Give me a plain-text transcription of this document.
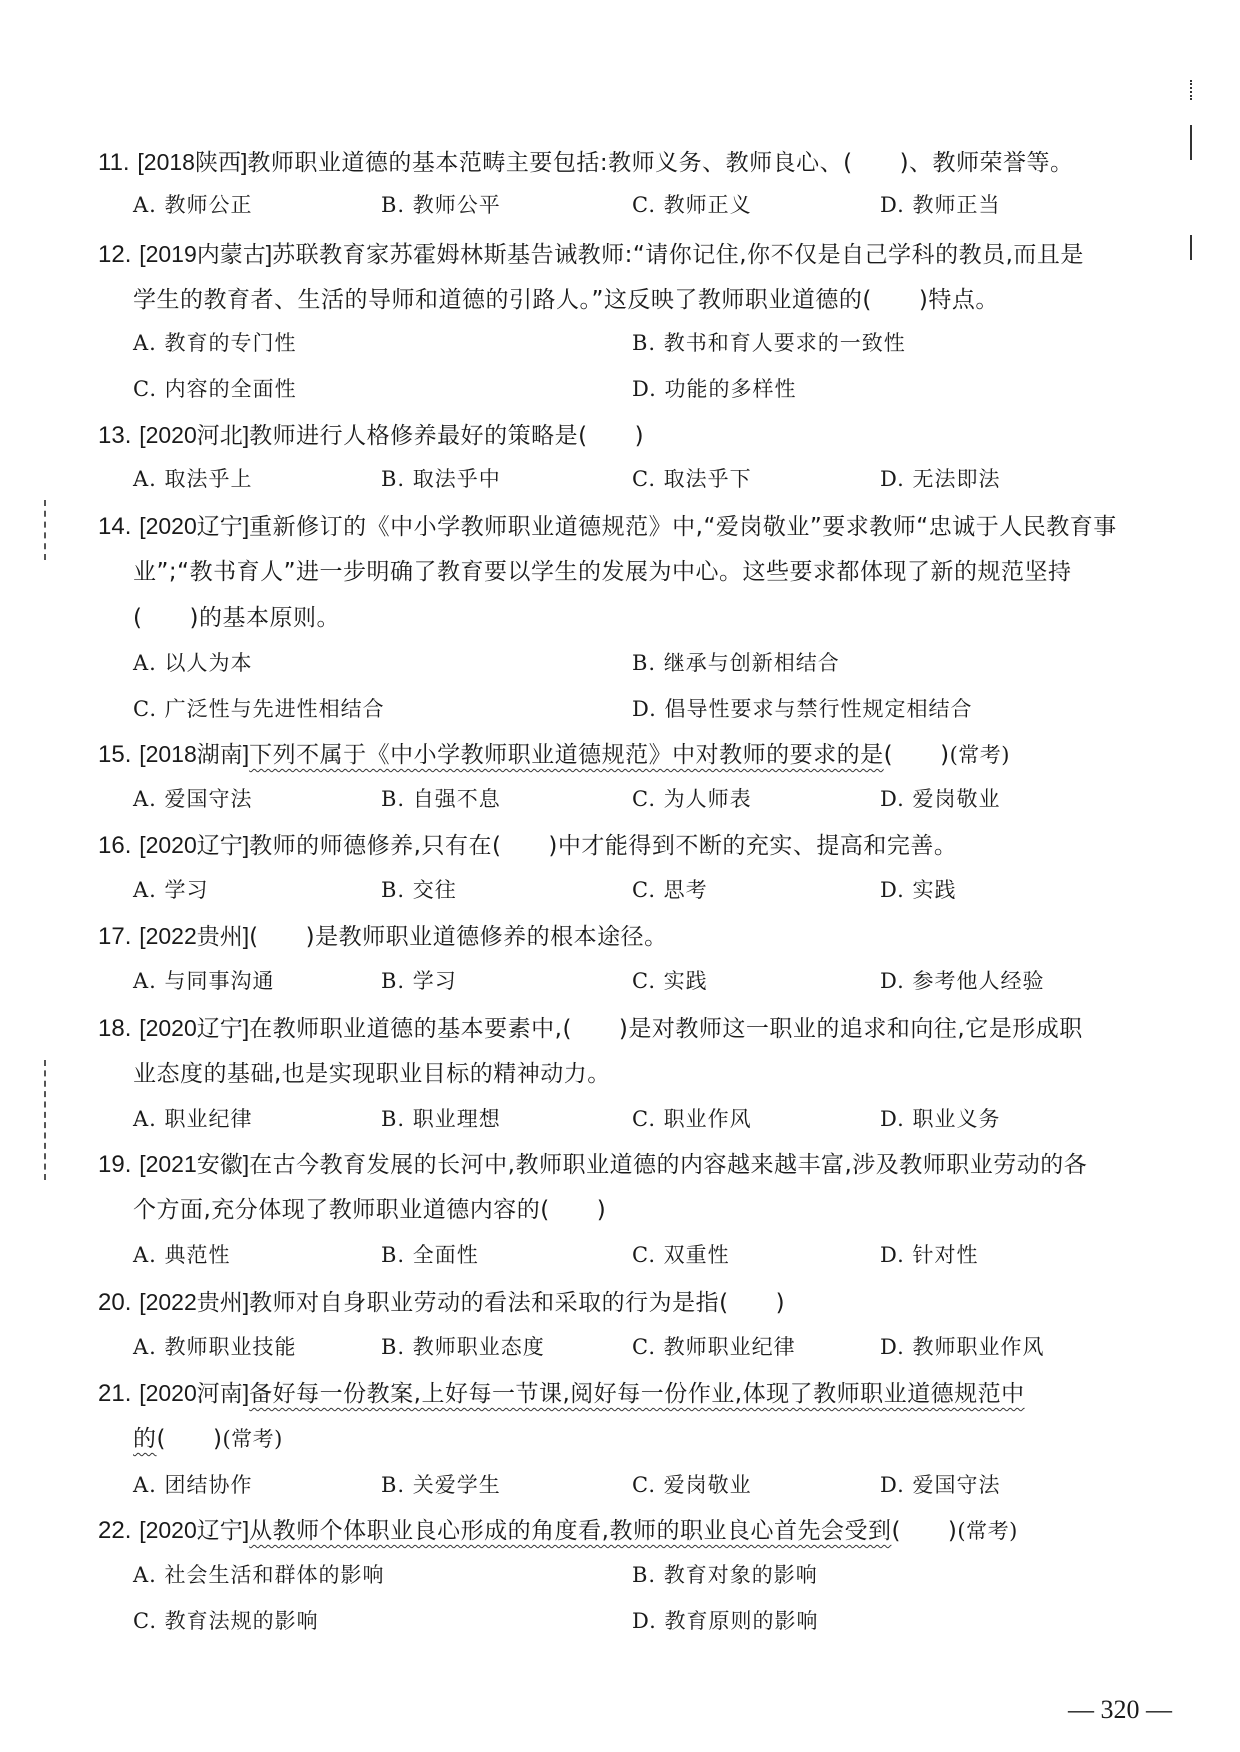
11. [2018陕西]教师职业道德的基本范畴主要包括:教师义务、教师良心、(　　)、教师荣誉等。
A. 教师公正	B. 教师公平	C. 教师正义	D. 教师正当
12. [2019内蒙古]苏联教育家苏霍姆林斯基告诫教师:“请你记住,你不仅是自己学科的教员,而且是
学生的教育者、生活的导师和道德的引路人。”这反映了教师职业道德的(　　)特点。
A. 教育的专门性	B. 教书和育人要求的一致性
C. 内容的全面性	D. 功能的多样性
13. [2020河北]教师进行人格修养最好的策略是(　　)
A. 取法乎上	B. 取法乎中	C. 取法乎下	D. 无法即法
14. [2020辽宁]重新修订的《中小学教师职业道德规范》中,“爱岗敬业”要求教师“忠诚于人民教育事
业”;“教书育人”进一步明确了教育要以学生的发展为中心。这些要求都体现了新的规范坚持
(　　)的基本原则。
A. 以人为本	B. 继承与创新相结合
C. 广泛性与先进性相结合	D. 倡导性要求与禁行性规定相结合
15. [2018湖南]下列不属于《中小学教师职业道德规范》中对教师的要求的是(　　)(常考)
A. 爱国守法	B. 自强不息	C. 为人师表	D. 爱岗敬业
16. [2020辽宁]教师的师德修养,只有在(　　)中才能得到不断的充实、提高和完善。
A. 学习	B. 交往	C. 思考	D. 实践
17. [2022贵州](　　)是教师职业道德修养的根本途径。
A. 与同事沟通	B. 学习	C. 实践	D. 参考他人经验
18. [2020辽宁]在教师职业道德的基本要素中,(　　)是对教师这一职业的追求和向往,它是形成职
业态度的基础,也是实现职业目标的精神动力。
A. 职业纪律	B. 职业理想	C. 职业作风	D. 职业义务
19. [2021安徽]在古今教育发展的长河中,教师职业道德的内容越来越丰富,涉及教师职业劳动的各
个方面,充分体现了教师职业道德内容的(　　)
A. 典范性	B. 全面性	C. 双重性	D. 针对性
20. [2022贵州]教师对自身职业劳动的看法和采取的行为是指(　　)
A. 教师职业技能	B. 教师职业态度	C. 教师职业纪律	D. 教师职业作风
21. [2020河南]备好每一份教案,上好每一节课,阅好每一份作业,体现了教师职业道德规范中
的(　　)(常考)
A. 团结协作	B. 关爱学生	C. 爱岗敬业	D. 爱国守法
22. [2020辽宁]从教师个体职业良心形成的角度看,教师的职业良心首先会受到(　　)(常考)
A. 社会生活和群体的影响	B. 教育对象的影响
C. 教育法规的影响	D. 教育原则的影响
— 320 —
